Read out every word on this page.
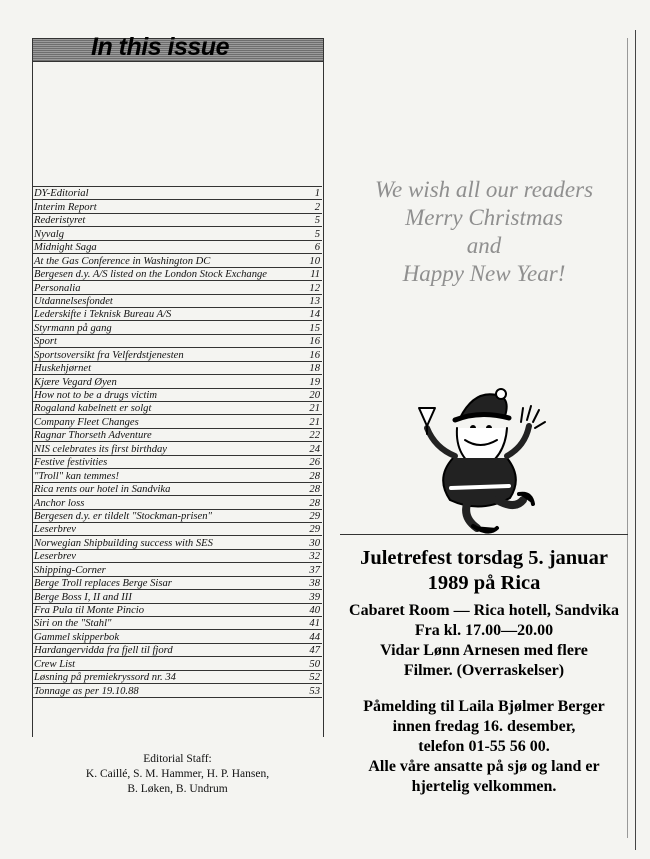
In this issue
DY-Editorial	1
Interim Report	2
Rederistyret	5
Nyvalg	5
Midnight Saga	6
At the Gas Conference in Washington DC	10
Bergesen d.y. A/S listed on the London Stock Exchange	11
Personalia	12
Utdannelsesfondet	13
Lederskifte i Teknisk Bureau A/S	14
Styrmann på gang	15
Sport	16
Sportsoversikt fra Velferdstjenesten	16
Huskehjørnet	18
Kjære Vegard Øyen	19
How not to be a drugs victim	20
Rogaland kabelnett er solgt	21
Company Fleet Changes	21
Ragnar Thorseth Adventure	22
NIS celebrates its first birthday	24
Festive festivities	26
"Troll" kan temmes!	28
Rica rents our hotel in Sandvika	28
Anchor loss	28
Bergesen d.y. er tildelt "Stockman-prisen"	29
Leserbrev	29
Norwegian Shipbuilding success with SES	30
Leserbrev	32
Shipping-Corner	37
Berge Troll replaces Berge Sisar	38
Berge Boss I, II and III	39
Fra Pula til Monte Pincio	40
Siri on the "Stahl"	41
Gammel skipperbok	44
Hardangervidda fra fjell til fjord	47
Crew List	50
Løsning på premiekryssord nr. 34	52
Tonnage as per 19.10.88	53
Editorial Staff:
K. Caillé, S. M. Hammer, H. P. Hansen,
B. Løken, B. Undrum
We wish all our readers
Merry Christmas
and
Happy New Year!
Juletrefest torsdag 5. januar
1989 på Rica
Cabaret Room — Rica hotell, Sandvika
Fra kl. 17.00—20.00
Vidar Lønn Arnesen med flere
Filmer. (Overraskelser)
Påmelding til Laila Bjølmer Berger
innen fredag 16. desember,
telefon 01-55 56 00.
Alle våre ansatte på sjø og land er
hjertelig velkommen.
